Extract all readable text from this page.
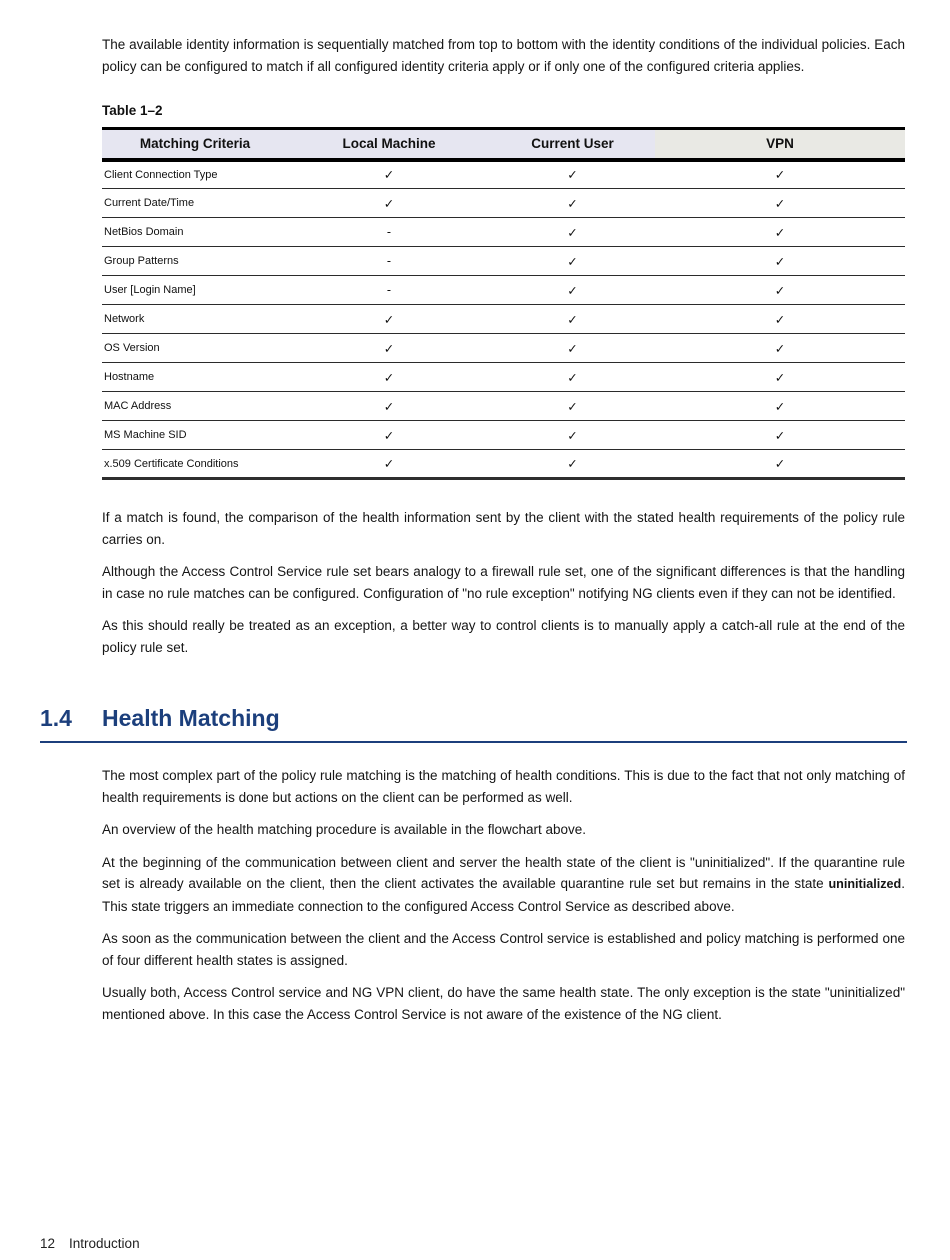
The available identity information is sequentially matched from top to bottom with the identity conditions of the individual policies. Each policy can be configured to match if all configured identity criteria apply or if only one of the configured criteria applies.

Table 1–2
Matching Criteria	Local Machine	Current User	VPN
Client Connection Type	✓	✓	✓
Current Date/Time	✓	✓	✓
NetBios Domain	-	✓	✓
Group Patterns	-	✓	✓
User [Login Name]	-	✓	✓
Network	✓	✓	✓
OS Version	✓	✓	✓
Hostname	✓	✓	✓
MAC Address	✓	✓	✓
MS Machine SID	✓	✓	✓
x.509 Certificate Conditions	✓	✓	✓

If a match is found, the comparison of the health information sent by the client with the stated health requirements of the policy rule carries on.

Although the Access Control Service rule set bears analogy to a firewall rule set, one of the significant differences is that the handling in case no rule matches can be configured. Configuration of "no rule exception" notifying NG clients even if they can not be identified.

As this should really be treated as an exception, a better way to control clients is to manually apply a catch-all rule at the end of the policy rule set.

1.4	Health Matching

The most complex part of the policy rule matching is the matching of health conditions. This is due to the fact that not only matching of health requirements is done but actions on the client can be performed as well.

An overview of the health matching procedure is available in the flowchart above.

At the beginning of the communication between client and server the health state of the client is "uninitialized". If the quarantine rule set is already available on the client, then the client activates the available quarantine rule set but remains in the state uninitialized. This state triggers an immediate connection to the configured Access Control Service as described above.

As soon as the communication between the client and the Access Control service is established and policy matching is performed one of four different health states is assigned.

Usually both, Access Control service and NG VPN client, do have the same health state. The only exception is the state "uninitialized" mentioned above. In this case the Access Control Service is not aware of the existence of the NG client.

12 Introduction
